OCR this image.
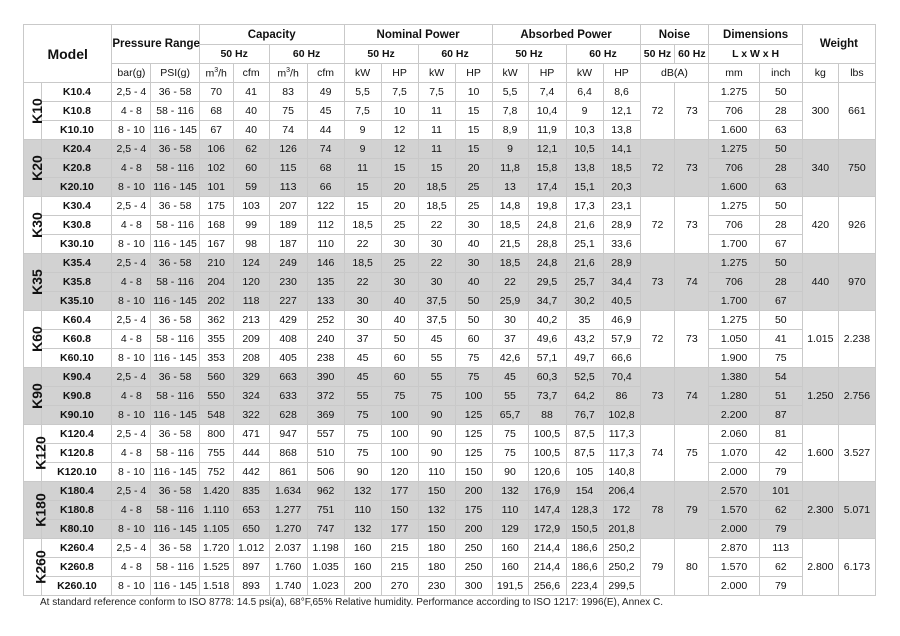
Model		Pressure Range		Capacity				Nominal Power				Absorbed Power				Noise		Dimensions		Weight	
				50 Hz		60 Hz		50 Hz		60 Hz		50 Hz		60 Hz		50 Hz	60 Hz	L x W x H			
		bar(g)	PSI(g)	$m^3/h$	cfm	$m^3/h$	cfm	kW	HP	kW	HP	kW	HP	kW	HP	dB(A)		mm	inch	kg	lbs
K10	K10.4	2,5 - 4	36 - 58	70	41	83	49	5,5	7,5	7,5	10	5,5	7,4	6,4	8,6	72	73	1.275	50	300	661
	K10.8	4 - 8	58 - 116	68	40	75	45	7,5	10	11	15	7,8	10,4	9	12,1			706	28		
	K10.10	8 - 10	116 - 145	67	40	74	44	9	12	11	15	8,9	11,9	10,3	13,8			1.600	63		
K20	K20.4	2,5 - 4	36 - 58	106	62	126	74	9	12	11	15	9	12,1	10,5	14,1	72	73	1.275	50	340	750
	K20.8	4 - 8	58 - 116	102	60	115	68	11	15	15	20	11,8	15,8	13,8	18,5			706	28		
	K20.10	8 - 10	116 - 145	101	59	113	66	15	20	18,5	25	13	17,4	15,1	20,3			1.600	63		
K30	K30.4	2,5 - 4	36 - 58	175	103	207	122	15	20	18,5	25	14,8	19,8	17,3	23,1	72	73	1.275	50	420	926
	K30.8	4 - 8	58 - 116	168	99	189	112	18,5	25	22	30	18,5	24,8	21,6	28,9			706	28		
	K30.10	8 - 10	116 - 145	167	98	187	110	22	30	30	40	21,5	28,8	25,1	33,6			1.700	67		
K35	K35.4	2,5 - 4	36 - 58	210	124	249	146	18,5	25	22	30	18,5	24,8	21,6	28,9	73	74	1.275	50	440	970
	K35.8	4 - 8	58 - 116	204	120	230	135	22	30	30	40	22	29,5	25,7	34,4			706	28		
	K35.10	8 - 10	116 - 145	202	118	227	133	30	40	37,5	50	25,9	34,7	30,2	40,5			1.700	67		
K60	K60.4	2,5 - 4	36 - 58	362	213	429	252	30	40	37,5	50	30	40,2	35	46,9	72	73	1.275	50	1.015	2.238
	K60.8	4 - 8	58 - 116	355	209	408	240	37	50	45	60	37	49,6	43,2	57,9			1.050	41		
	K60.10	8 - 10	116 - 145	353	208	405	238	45	60	55	75	42,6	57,1	49,7	66,6			1.900	75		
K90	K90.4	2,5 - 4	36 - 58	560	329	663	390	45	60	55	75	45	60,3	52,5	70,4	73	74	1.380	54	1.250	2.756
	K90.8	4 - 8	58 - 116	550	324	633	372	55	75	75	100	55	73,7	64,2	86			1.280	51		
	K90.10	8 - 10	116 - 145	548	322	628	369	75	100	90	125	65,7	88	76,7	102,8			2.200	87		
K120	K120.4	2,5 - 4	36 - 58	800	471	947	557	75	100	90	125	75	100,5	87,5	117,3	74	75	2.060	81	1.600	3.527
	K120.8	4 - 8	58 - 116	755	444	868	510	75	100	90	125	75	100,5	87,5	117,3			1.070	42		
	K120.10	8 - 10	116 - 145	752	442	861	506	90	120	110	150	90	120,6	105	140,8			2.000	79		
K180	K180.4	2,5 - 4	36 - 58	1.420	835	1.634	962	132	177	150	200	132	176,9	154	206,4	78	79	2.570	101	2.300	5.071
	K180.8	4 - 8	58 - 116	1.110	653	1.277	751	110	150	132	175	110	147,4	128,3	172			1.570	62		
	K80.10	8 - 10	116 - 145	1.105	650	1.270	747	132	177	150	200	129	172,9	150,5	201,8			2.000	79		
K260	K260.4	2,5 - 4	36 - 58	1.720	1.012	2.037	1.198	160	215	180	250	160	214,4	186,6	250,2	79	80	2.870	113	2.800	6.173
	K260.8	4 - 8	58 - 116	1.525	897	1.760	1.035	160	215	180	250	160	214,4	186,6	250,2			1.570	62		
	K260.10	8 - 10	116 - 145	1.518	893	1.740	1.023	200	270	230	300	191,5	256,6	223,4	299,5			2.000	79		
At standard reference conform to ISO 8778: 14.5 psi(a), 68°F,65% Relative humidity. Performance according to ISO 1217: 1996(E), Annex C.
